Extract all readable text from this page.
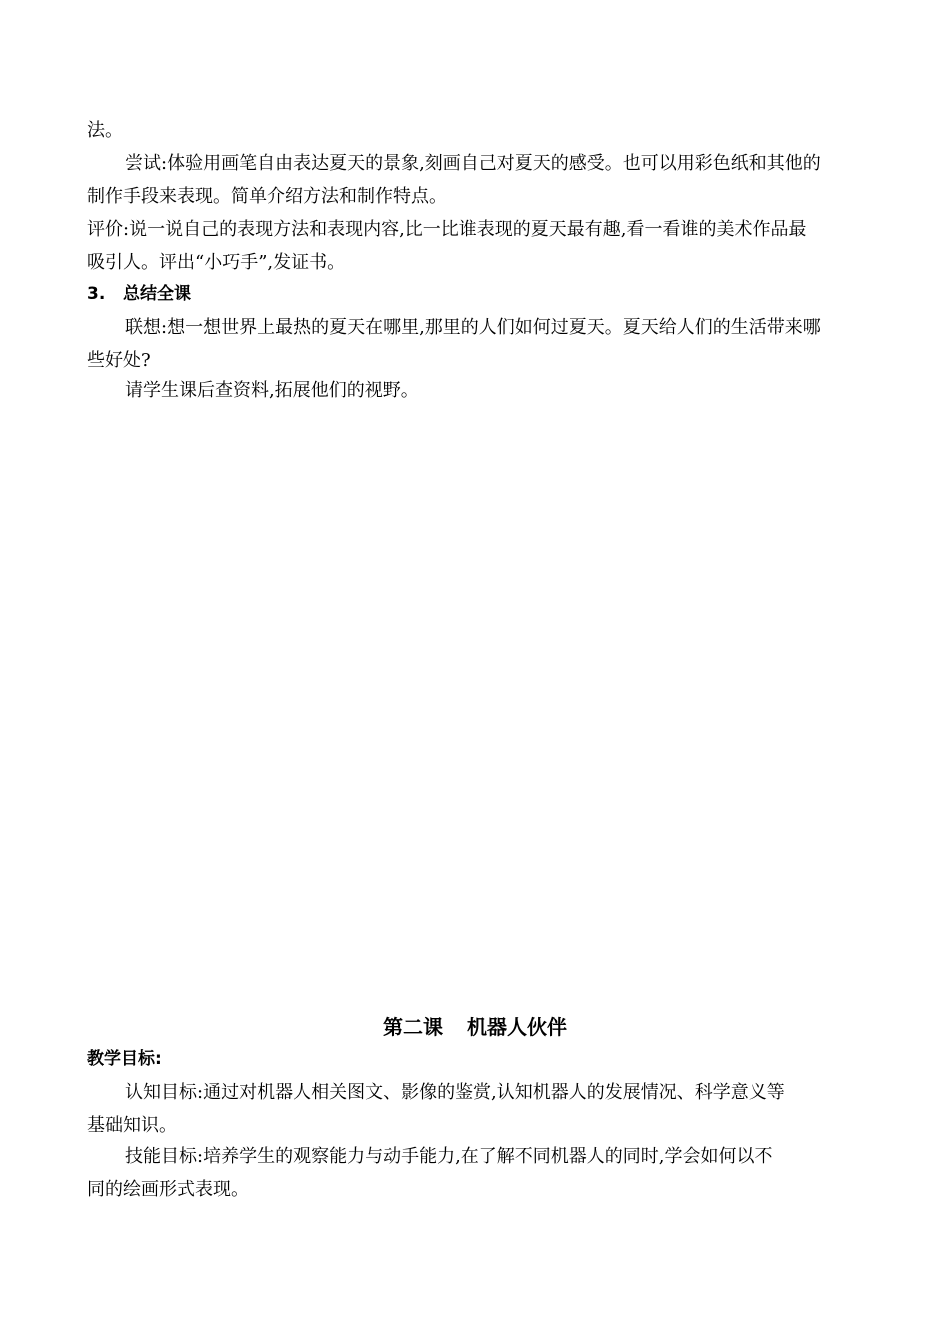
法。
尝试:体验用画笔自由表达夏天的景象,刻画自己对夏天的感受。也可以用彩色纸和其他的
制作手段来表现。简单介绍方法和制作特点。
评价:说一说自己的表现方法和表现内容,比一比谁表现的夏天最有趣,看一看谁的美术作品最
吸引人。评出“小巧手”,发证书。
3. 总结全课
联想:想一想世界上最热的夏天在哪里,那里的人们如何过夏天。夏天给人们的生活带来哪
些好处?
请学生课后查资料,拓展他们的视野。
第二课 机器人伙伴
教学目标:
认知目标:通过对机器人相关图文、影像的鉴赏,认知机器人的发展情况、科学意义等
基础知识。
技能目标:培养学生的观察能力与动手能力,在了解不同机器人的同时,学会如何以不
同的绘画形式表现。
